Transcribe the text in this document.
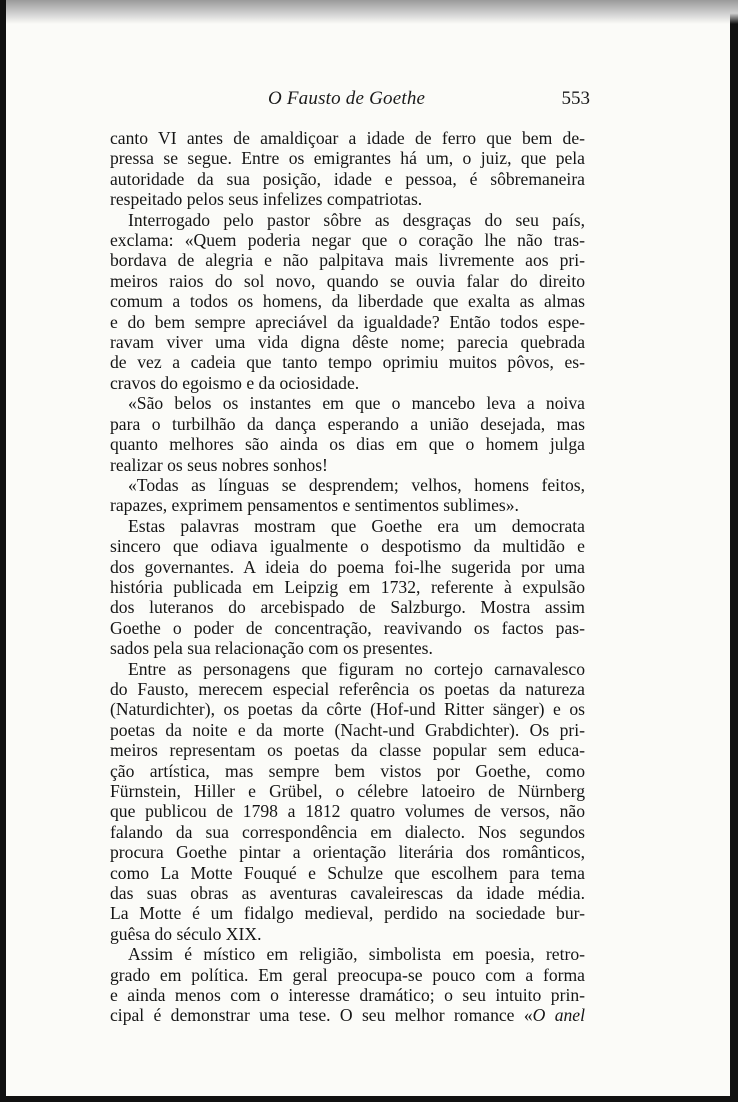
O Fausto de Goethe	553
canto VI antes de amaldiçoar a idade de ferro que bem de-
pressa se segue. Entre os emigrantes há um, o juiz, que pela
autoridade da sua posição, idade e pessoa, é sôbremaneira
respeitado pelos seus infelizes compatriotas.
Interrogado pelo pastor sôbre as desgraças do seu país,
exclama: «Quem poderia negar que o coração lhe não tras-
bordava de alegria e não palpitava mais livremente aos pri-
meiros raios do sol novo, quando se ouvia falar do direito
comum a todos os homens, da liberdade que exalta as almas
e do bem sempre apreciável da igualdade? Então todos espe-
ravam viver uma vida digna dêste nome; parecia quebrada
de vez a cadeia que tanto tempo oprimiu muitos pôvos, es-
cravos do egoismo e da ociosidade.
«São belos os instantes em que o mancebo leva a noiva
para o turbilhão da dança esperando a união desejada, mas
quanto melhores são ainda os dias em que o homem julga
realizar os seus nobres sonhos!
«Todas as línguas se desprendem; velhos, homens feitos,
rapazes, exprimem pensamentos e sentimentos sublimes».
Estas palavras mostram que Goethe era um democrata
sincero que odiava igualmente o despotismo da multidão e
dos governantes. A ideia do poema foi-lhe sugerida por uma
história publicada em Leipzig em 1732, referente à expulsão
dos luteranos do arcebispado de Salzburgo. Mostra assim
Goethe o poder de concentração, reavivando os factos pas-
sados pela sua relacionação com os presentes.
Entre as personagens que figuram no cortejo carnavalesco
do Fausto, merecem especial referência os poetas da natureza
(Naturdichter), os poetas da côrte (Hof-und Ritter sänger) e os
poetas da noite e da morte (Nacht-und Grabdichter). Os pri-
meiros representam os poetas da classe popular sem educa-
ção artística, mas sempre bem vistos por Goethe, como
Fürnstein, Hiller e Grübel, o célebre latoeiro de Nürnberg
que publicou de 1798 a 1812 quatro volumes de versos, não
falando da sua correspondência em dialecto. Nos segundos
procura Goethe pintar a orientação literária dos românticos,
como La Motte Fouqué e Schulze que escolhem para tema
das suas obras as aventuras cavaleirescas da idade média.
La Motte é um fidalgo medieval, perdido na sociedade bur-
guêsa do século XIX.
Assim é místico em religião, simbolista em poesia, retro-
grado em política. Em geral preocupa-se pouco com a forma
e ainda menos com o interesse dramático; o seu intuito prin-
cipal é demonstrar uma tese. O seu melhor romance «O anel
